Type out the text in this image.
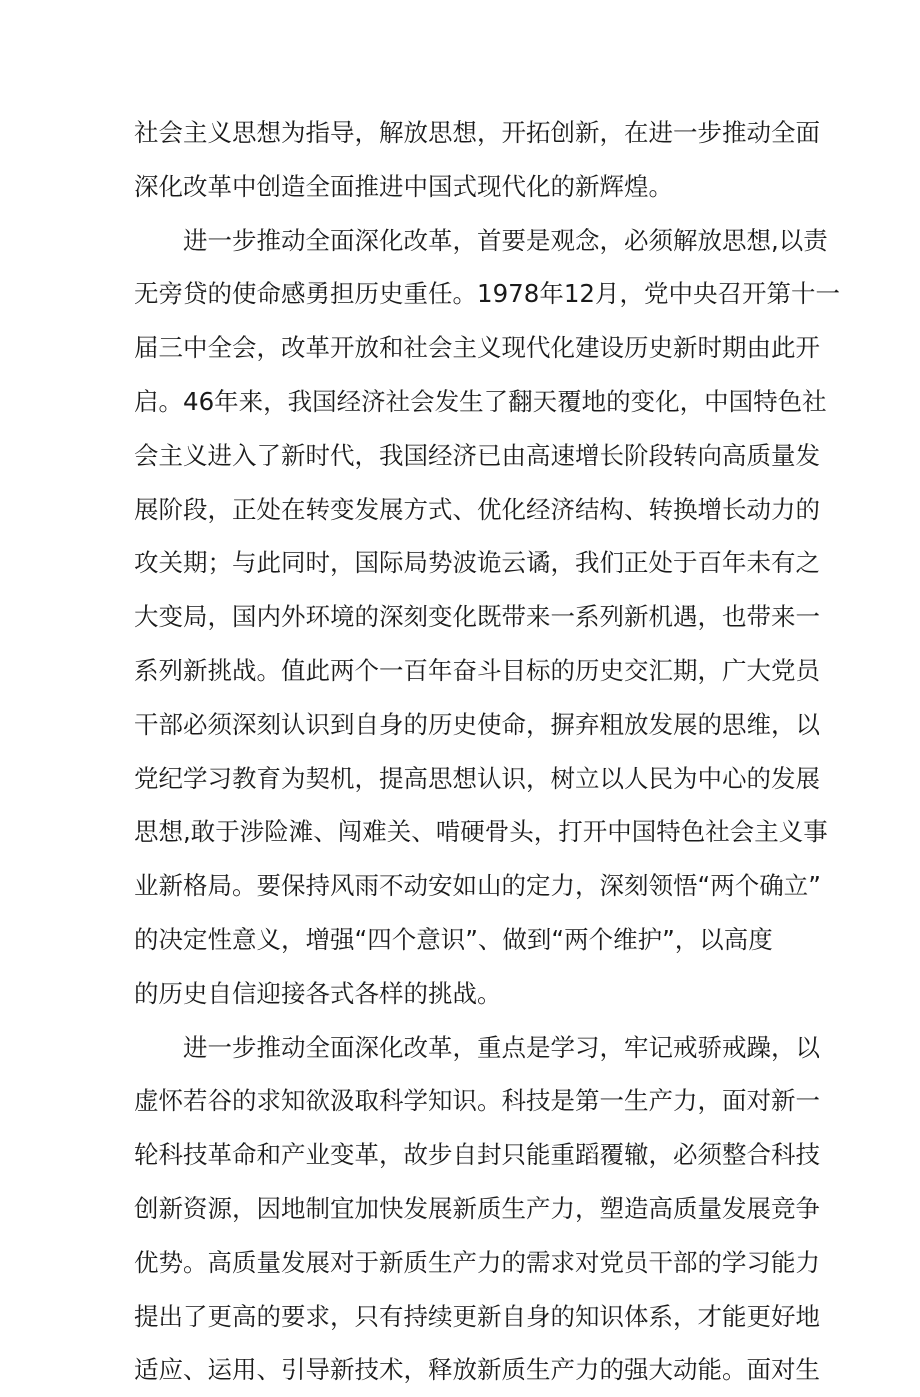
社会主义思想为指导，解放思想，开拓创新，在进一步推动全面
深化改革中创造全面推进中国式现代化的新辉煌。
进一步推动全面深化改革，首要是观念，必须解放思想,以责
无旁贷的使命感勇担历史重任。1978年12月，党中央召开第十一
届三中全会，改革开放和社会主义现代化建设历史新时期由此开
启。46年来，我国经济社会发生了翻天覆地的变化，中国特色社
会主义进入了新时代，我国经济已由高速增长阶段转向高质量发
展阶段，正处在转变发展方式、优化经济结构、转换增长动力的
攻关期；与此同时，国际局势波诡云谲，我们正处于百年未有之
大变局，国内外环境的深刻变化既带来一系列新机遇，也带来一
系列新挑战。值此两个一百年奋斗目标的历史交汇期，广大党员
干部必须深刻认识到自身的历史使命，摒弃粗放发展的思维，以
党纪学习教育为契机，提高思想认识，树立以人民为中心的发展
思想,敢于涉险滩、闯难关、啃硬骨头，打开中国特色社会主义事
业新格局。要保持风雨不动安如山的定力，深刻领悟“两个确立”
的决定性意义，增强“四个意识”、做到“两个维护”，以高度
的历史自信迎接各式各样的挑战。
进一步推动全面深化改革，重点是学习，牢记戒骄戒躁，以
虚怀若谷的求知欲汲取科学知识。科技是第一生产力，面对新一
轮科技革命和产业变革，故步自封只能重蹈覆辙，必须整合科技
创新资源，因地制宜加快发展新质生产力，塑造高质量发展竞争
优势。高质量发展对于新质生产力的需求对党员干部的学习能力
提出了更高的要求，只有持续更新自身的知识体系，才能更好地
适应、运用、引导新技术，释放新质生产力的强大动能。面对生
